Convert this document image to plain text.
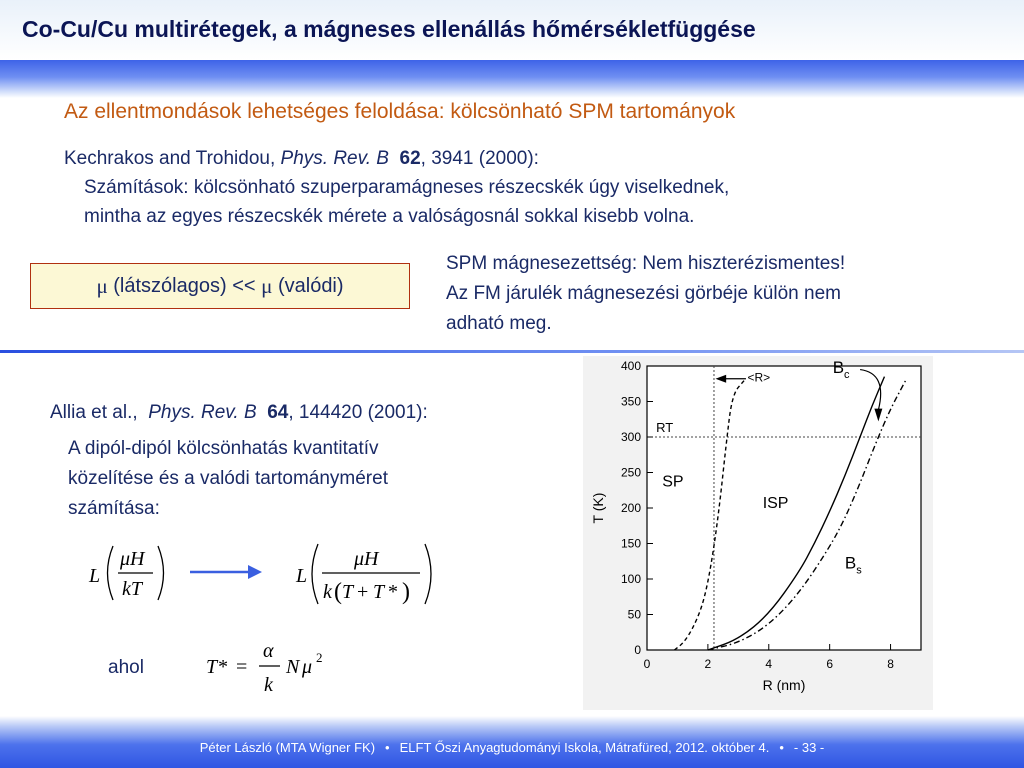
Co-Cu/Cu multirétegek, a mágneses ellenállás hőmérsékletfüggése
Az ellentmondások lehetséges feloldása: kölcsönható SPM tartományok
Kechrakos and Trohidou, Phys. Rev. B 62, 3941 (2000):
Számítások: kölcsönható szuperparamágneses részecskék úgy viselkednek,
mintha az egyes részecskék mérete a valóságosnál sokkal kisebb volna.
μ (látszólagos) << μ (valódi)
SPM mágnesezettség: Nem hiszterézismentes!
Az FM járulék mágnesezési görbéje külön nem
adható meg.
Allia et al.,  Phys. Rev. B 64, 144420 (2001):
A dipól-dipól kölcsönhatás kvantitatív
közelítése és a valódi tartományméret
számítása:
L
μH
kT
L
μH
k ( T + T * )
ahol	T* =
α
k
N μ 2	0	2	4	6	8
0
50
100
150
200
250
300
350
400
T (K)
R (nm)
RT
<R>
SP
ISP
$B_c$
$B_s$
Péter László (MTA Wigner FK) • ELFT Őszi Anyagtudományi Iskola, Mátrafüred, 2012. október 4. • - 33 -
